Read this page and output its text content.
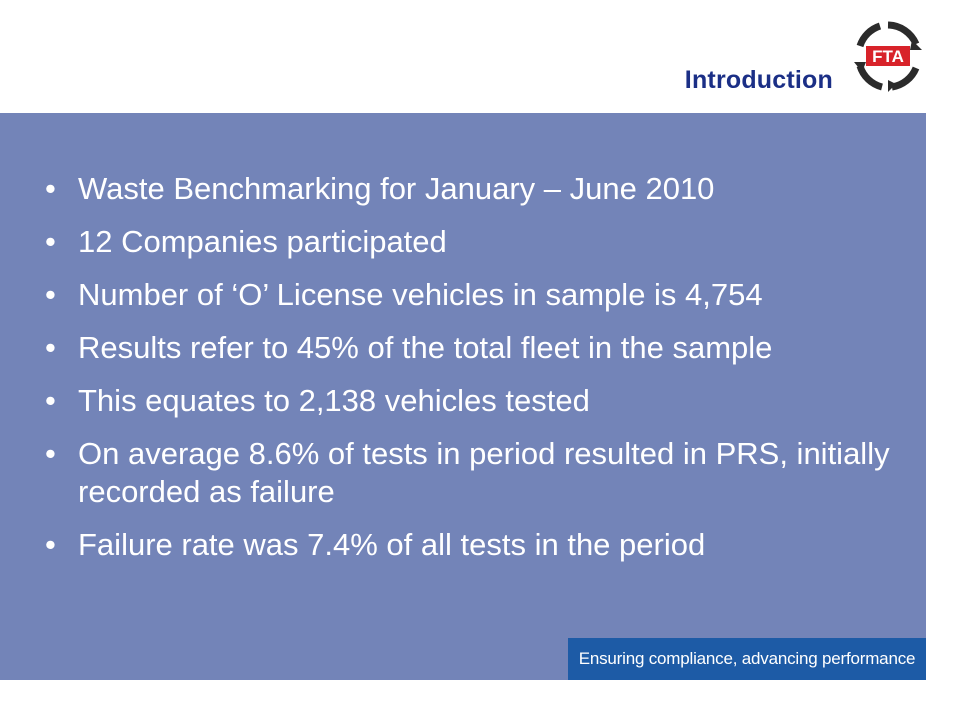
Introduction
FTA
• Waste Benchmarking for January – June 2010
• 12 Companies participated
• Number of ‘O’ License vehicles in sample is 4,754
• Results refer to 45% of the total fleet in the sample
• This equates to 2,138 vehicles tested
• On average 8.6% of tests in period resulted in PRS, initially recorded as failure
• Failure rate was 7.4% of all tests in the period
Ensuring compliance, advancing performance
